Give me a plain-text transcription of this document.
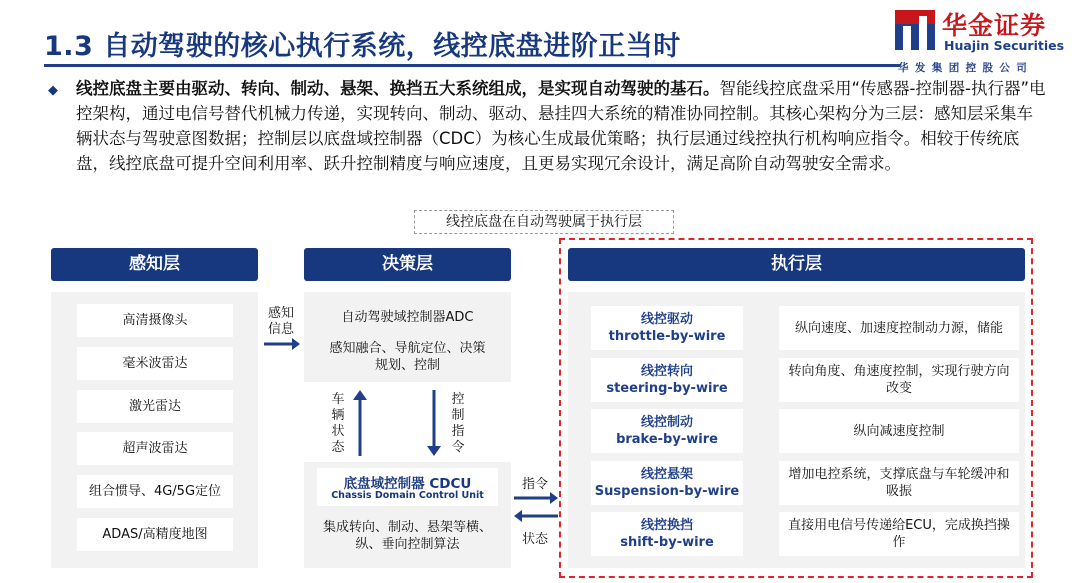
1.3 自动驾驶的核心执行系统，线控底盘进阶正当时
华金证券
Huajin Securities
华发集团控股公司
◆ 线控底盘主要由驱动、转向、制动、悬架、换挡五大系统组成，是实现自动驾驶的基石。智能线控底盘采用“传感器-控制器-执行器”电控架构，通过电信号替代机械力传递，实现转向、制动、驱动、悬挂四大系统的精准协同控制。其核心架构分为三层：感知层采集车辆状态与驾驶意图数据；控制层以底盘域控制器（CDC）为核心生成最优策略；执行层通过线控执行机构响应指令。相较于传统底盘，线控底盘可提升空间利用率、跃升控制精度与响应速度，且更易实现冗余设计，满足高阶自动驾驶安全需求。
线控底盘在自动驾驶属于执行层
感知层
高清摄像头
毫米波雷达
激光雷达
超声波雷达
组合惯导、4G/5G定位
ADAS/高精度地图
感知信息
决策层
自动驾驶域控制器ADC
感知融合、导航定位、决策 规划、控制
车辆状态
控制指令
底盘域控制器 CDCU
Chassis Domain Control Unit
集成转向、制动、悬架等横、纵、垂向控制算法
指令
状态
执行层
线控驱动
throttle-by-wire
纵向速度、加速度控制动力源，储能
线控转向
steering-by-wire
转向角度、角速度控制，实现行驶方向改变
线控制动
brake-by-wire
纵向减速度控制
线控悬架
Suspension-by-wire
增加电控系统，支撑底盘与车轮缓冲和吸振
线控换挡
shift-by-wire
直接用电信号传递给ECU，完成换挡操作
